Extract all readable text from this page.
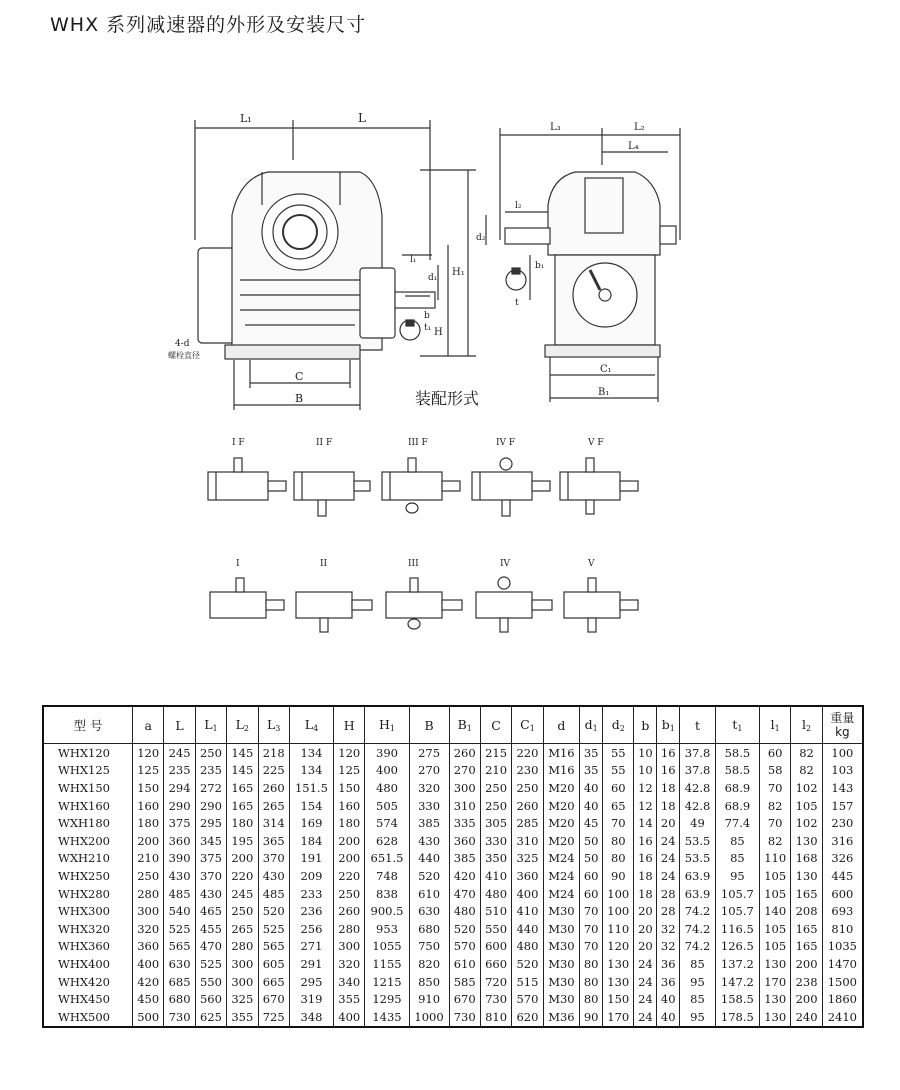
WHX 系列减速器的外形及安装尺寸
L₁	L
H₁
H
d₁
l₁
b
t₁
4-d
螺栓直径
C
B
L₃	L₂
L₄
l₂
d₂
b₁
t
C₁
B₁
I F	II F	III F	IV F	V F
I	II	III	IV	V
装配形式
型 号	a	L	$L_1$	$L_2$	$L_3$	$L_4$	H	$H_1$	B	$B_1$	C	$C_1$	d	$d_1$	$d_2$	b	$b_1$	t	$t_1$	$l_1$	$l_2$	重量
kg
WHX120	120	245	250	145	218	134	120	390	275	260	215	220	M16	35	55	10	16	37.8	58.5	60	82	100
WHX125	125	235	235	145	225	134	125	400	270	270	210	230	M16	35	55	10	16	37.8	58.5	58	82	103
WHX150	150	294	272	165	260	151.5	150	480	320	300	250	250	M20	40	60	12	18	42.8	68.9	70	102	143
WHX160	160	290	290	165	265	154	160	505	330	310	250	260	M20	40	65	12	18	42.8	68.9	82	105	157
WXH180	180	375	295	180	314	169	180	574	385	335	305	285	M20	45	70	14	20	49	77.4	70	102	230
WHX200	200	360	345	195	365	184	200	628	430	360	330	310	M20	50	80	16	24	53.5	85	82	130	316
WXH210	210	390	375	200	370	191	200	651.5	440	385	350	325	M24	50	80	16	24	53.5	85	110	168	326
WHX250	250	430	370	220	430	209	220	748	520	420	410	360	M24	60	90	18	24	63.9	95	105	130	445
WHX280	280	485	430	245	485	233	250	838	610	470	480	400	M24	60	100	18	28	63.9	105.7	105	165	600
WHX300	300	540	465	250	520	236	260	900.5	630	480	510	410	M30	70	100	20	28	74.2	105.7	140	208	693
WHX320	320	525	455	265	525	256	280	953	680	520	550	440	M30	70	110	20	32	74.2	116.5	105	165	810
WHX360	360	565	470	280	565	271	300	1055	750	570	600	480	M30	70	120	20	32	74.2	126.5	105	165	1035
WHX400	400	630	525	300	605	291	320	1155	820	610	660	520	M30	80	130	24	36	85	137.2	130	200	1470
WHX420	420	685	550	300	665	295	340	1215	850	585	720	515	M30	80	130	24	36	95	147.2	170	238	1500
WHX450	450	680	560	325	670	319	355	1295	910	670	730	570	M30	80	150	24	40	85	158.5	130	200	1860
WHX500	500	730	625	355	725	348	400	1435	1000	730	810	620	M36	90	170	24	40	95	178.5	130	240	2410
